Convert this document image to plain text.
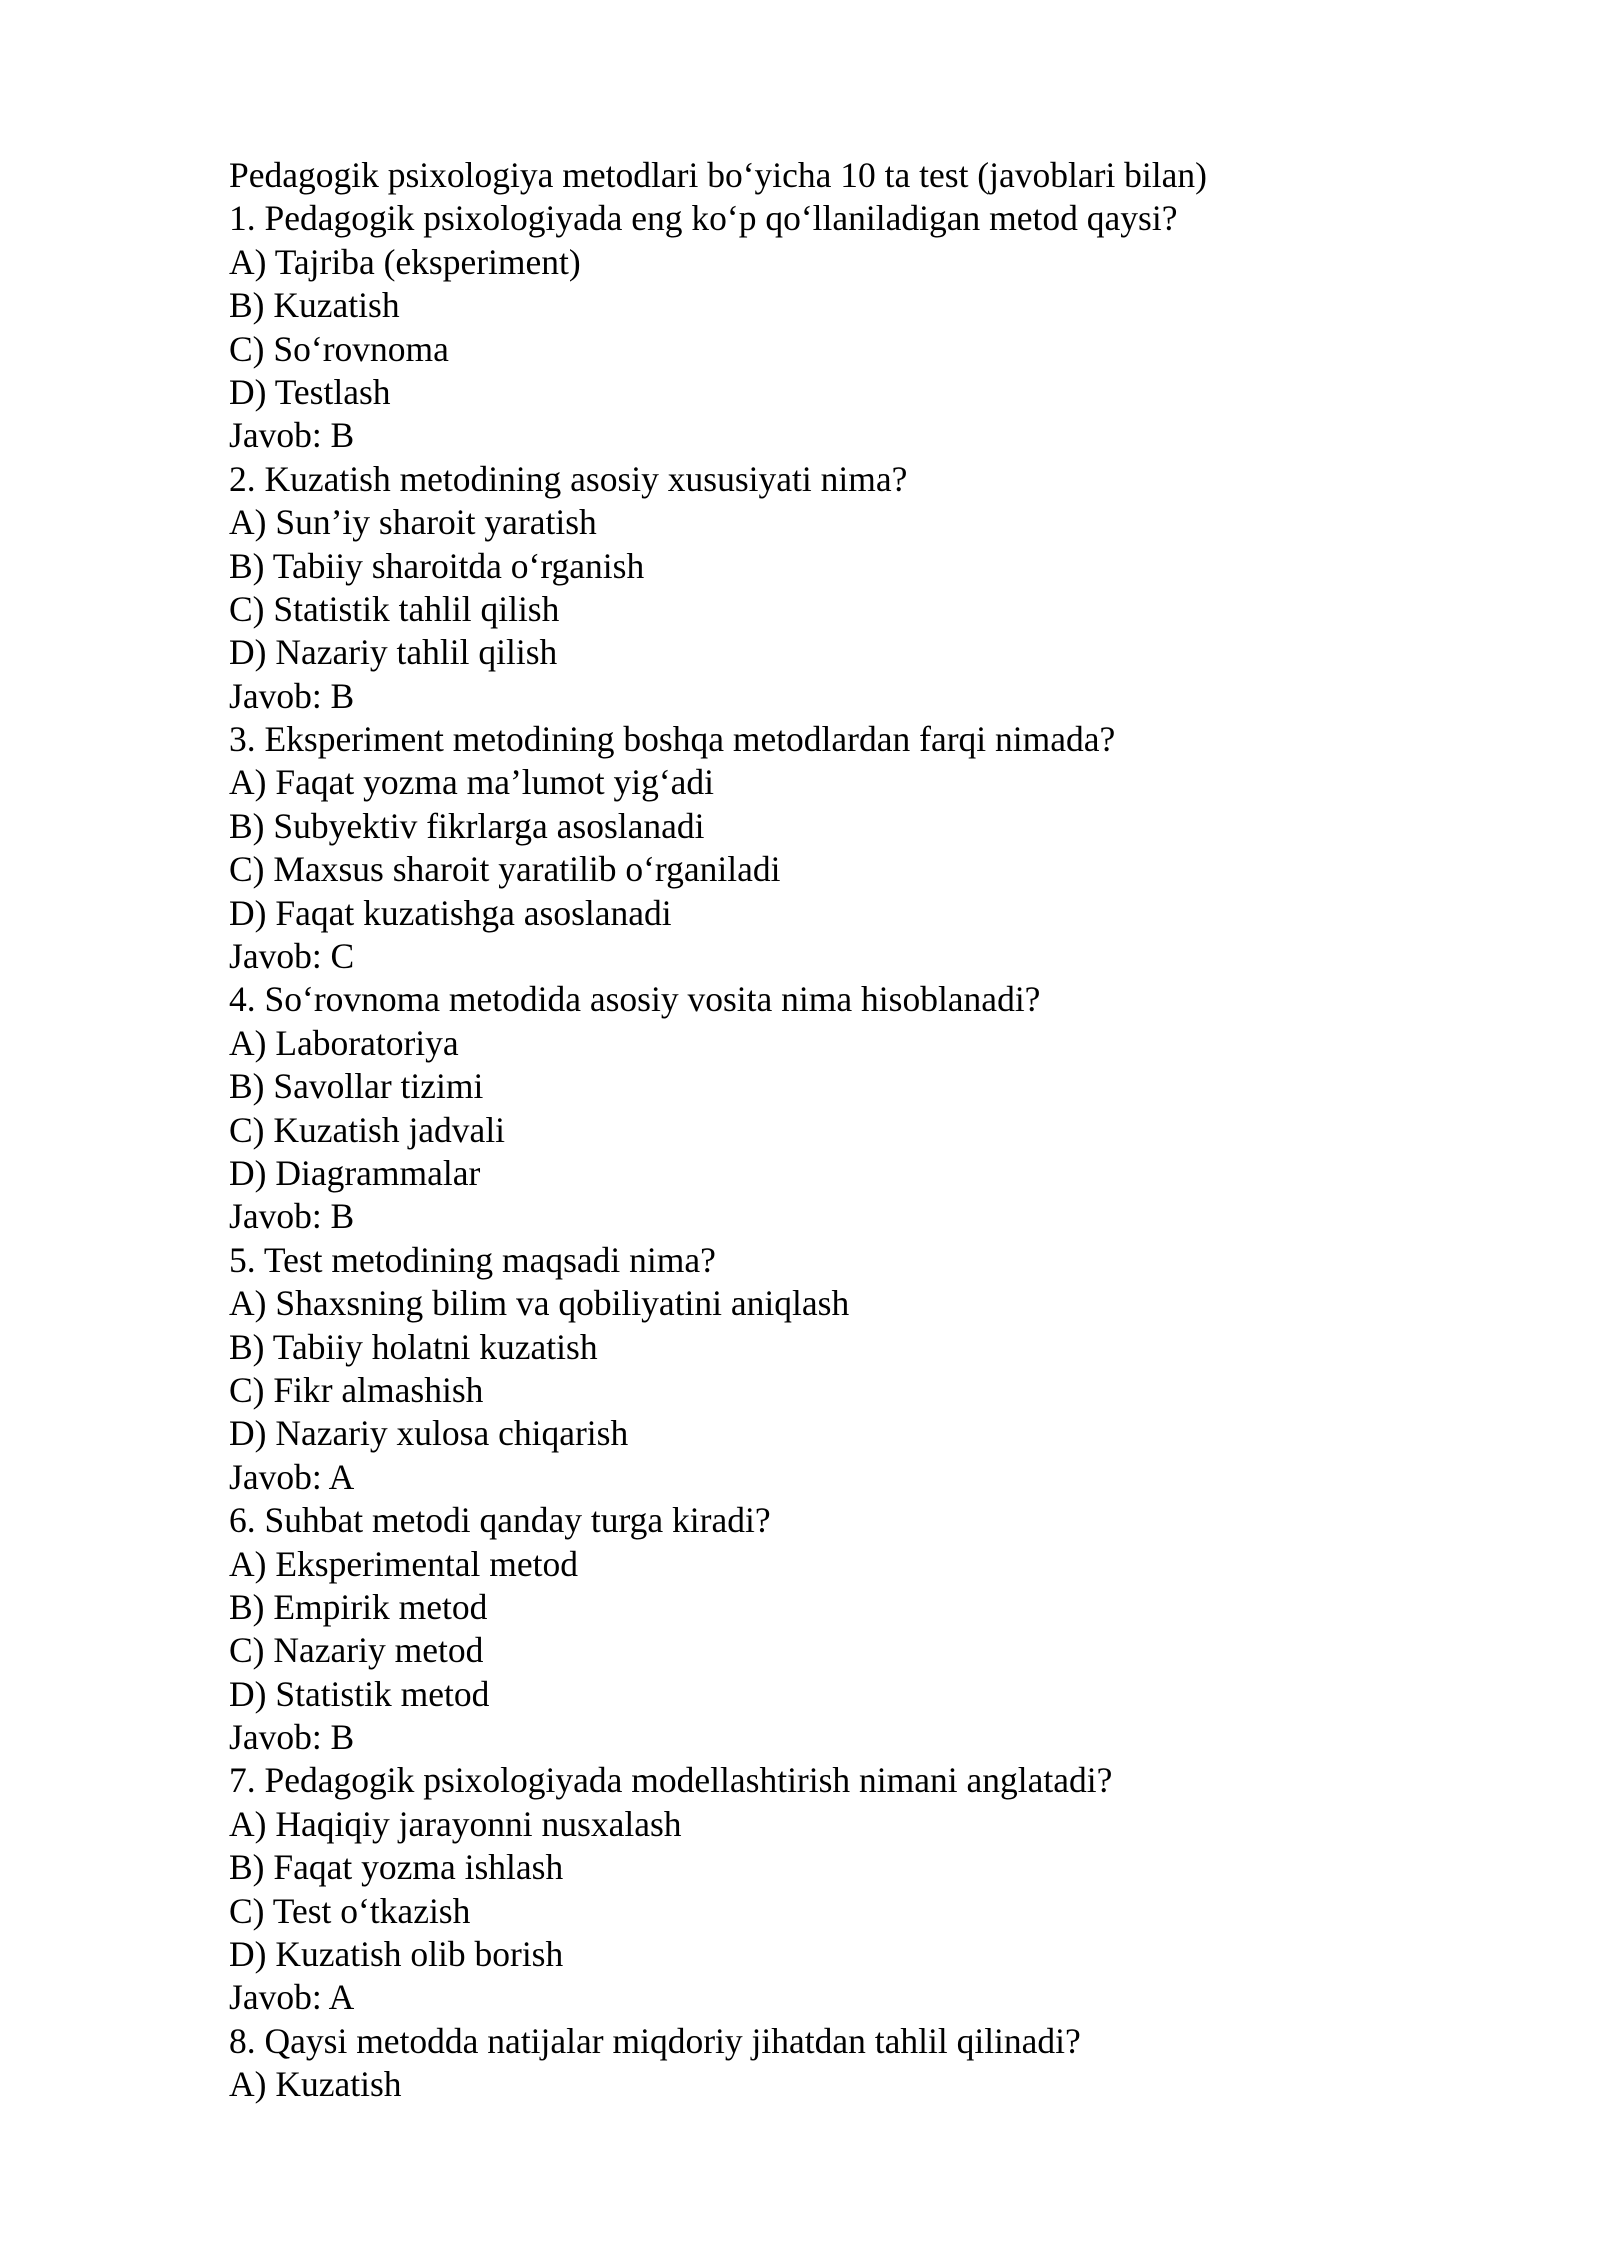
Pedagogik psixologiya metodlari bo‘yicha 10 ta test (javoblari bilan)

1. Pedagogik psixologiyada eng ko‘p qo‘llaniladigan metod qaysi?

A) Tajriba (eksperiment)

B) Kuzatish

C) So‘rovnoma

D) Testlash

Javob: B

2. Kuzatish metodining asosiy xususiyati nima?

A) Sun’iy sharoit yaratish

B) Tabiiy sharoitda o‘rganish

C) Statistik tahlil qilish

D) Nazariy tahlil qilish

Javob: B

3. Eksperiment metodining boshqa metodlardan farqi nimada?

A) Faqat yozma ma’lumot yig‘adi

B) Subyektiv fikrlarga asoslanadi

C) Maxsus sharoit yaratilib o‘rganiladi

D) Faqat kuzatishga asoslanadi

Javob: C

4. So‘rovnoma metodida asosiy vosita nima hisoblanadi?

A) Laboratoriya

B) Savollar tizimi

C) Kuzatish jadvali

D) Diagrammalar

Javob: B

5. Test metodining maqsadi nima?

A) Shaxsning bilim va qobiliyatini aniqlash

B) Tabiiy holatni kuzatish

C) Fikr almashish

D) Nazariy xulosa chiqarish

Javob: A

6. Suhbat metodi qanday turga kiradi?

A) Eksperimental metod

B) Empirik metod

C) Nazariy metod

D) Statistik metod

Javob: B

7. Pedagogik psixologiyada modellashtirish nimani anglatadi?

A) Haqiqiy jarayonni nusxalash

B) Faqat yozma ishlash

C) Test o‘tkazish

D) Kuzatish olib borish

Javob: A

8. Qaysi metodda natijalar miqdoriy jihatdan tahlil qilinadi?

A) Kuzatish
